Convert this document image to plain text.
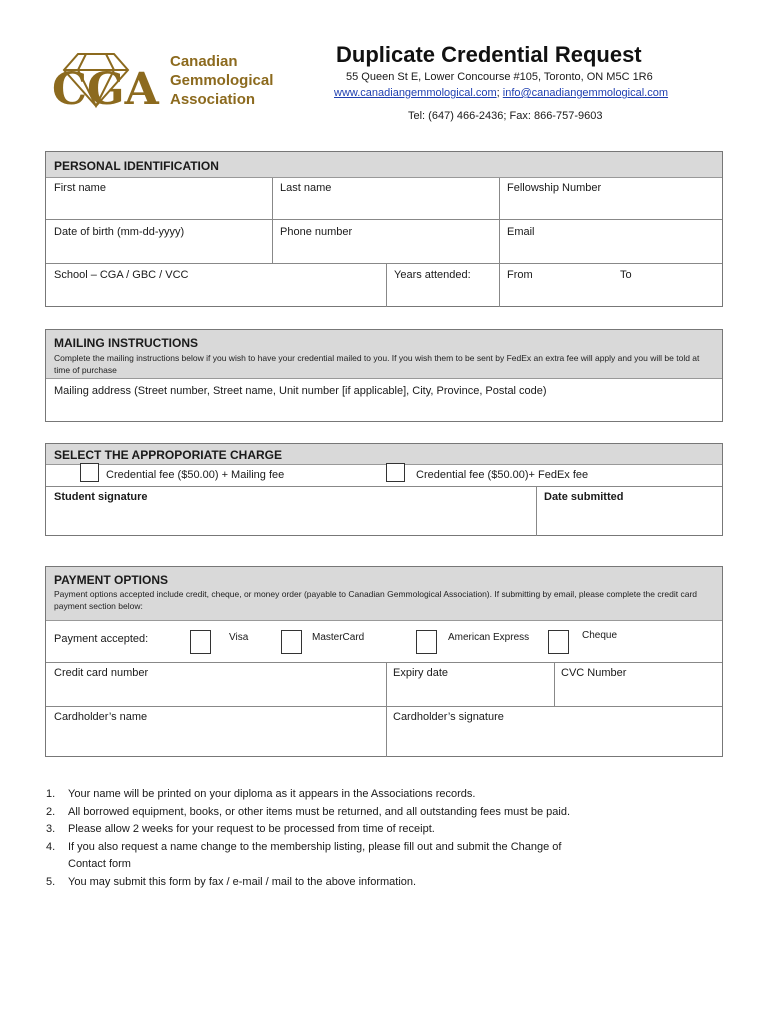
CGA
Canadian
Gemmological
Association
Duplicate Credential Request
55 Queen St E, Lower Concourse #105, Toronto, ON M5C 1R6
www.canadiangemmological.com; info@canadiangemmological.com
Tel: (647) 466-2436; Fax: 866-757-9603
PERSONAL IDENTIFICATION
First name	Last name	Fellowship Number
Date of birth (mm-dd-yyyy)	Phone number	Email
School – CGA / GBC / VCC	Years attended:	From	To
MAILING INSTRUCTIONS
Complete the mailing instructions below if you wish to have your credential mailed to you. If you wish them to be sent by FedEx an extra fee will apply and you will be told at time of purchase
Mailing address (Street number, Street name, Unit number [if applicable], City, Province, Postal code)
SELECT THE APPROPORIATE CHARGE
Credential fee ($50.00) + Mailing fee	Credential fee ($50.00)+ FedEx fee
Student signature	Date submitted
PAYMENT OPTIONS
Payment options accepted include credit, cheque, or money order (payable to Canadian Gemmological Association). If submitting by email, please complete the credit card payment section below:
Payment accepted:	Visa	MasterCard	American Express	Cheque
Credit card number	Expiry date	CVC Number
Cardholder’s name	Cardholder’s signature
1. Your name will be printed on your diploma as it appears in the Associations records.
2. All borrowed equipment, books, or other items must be returned, and all outstanding fees must be paid.
3. Please allow 2 weeks for your request to be processed from time of receipt.
4. If you also request a name change to the membership listing, please fill out and submit the Change of Contact form
5. You may submit this form by fax / e-mail / mail to the above information.
